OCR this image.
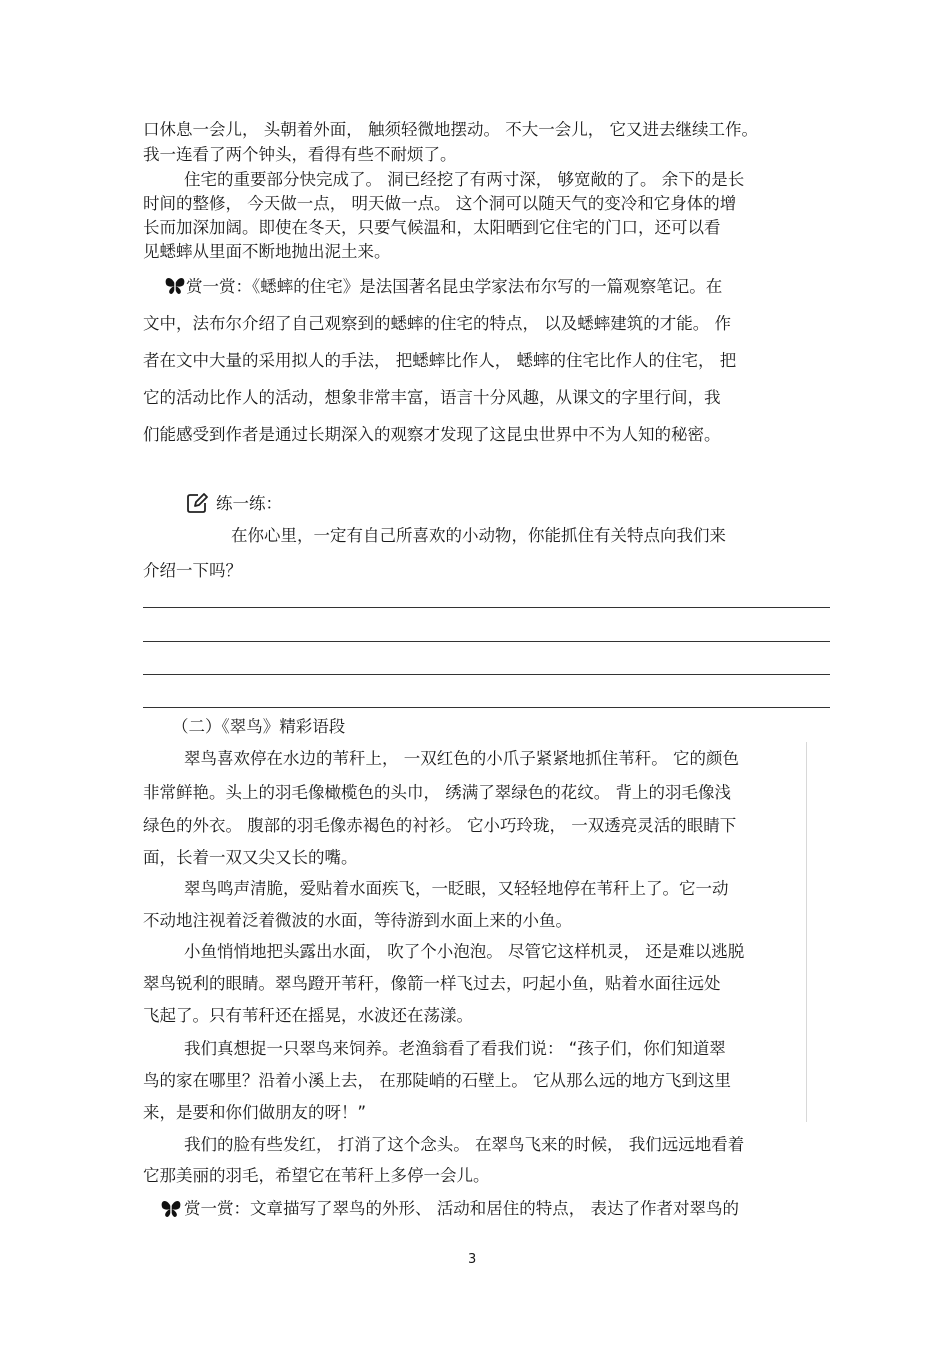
口休息一会儿， 头朝着外面， 触须轻微地摆动。 不大一会儿， 它又进去继续工作。
我一连看了两个钟头，看得有些不耐烦了。
住宅的重要部分快完成了。 洞已经挖了有两寸深， 够宽敞的了。 余下的是长
时间的整修， 今天做一点， 明天做一点。 这个洞可以随天气的变冷和它身体的增
长而加深加阔。即使在冬天，只要气候温和，太阳晒到它住宅的门口，还可以看
见蟋蟀从里面不断地抛出泥土来。
赏一赏：《蟋蟀的住宅》是法国著名昆虫学家法布尔写的一篇观察笔记。在
文中，法布尔介绍了自己观察到的蟋蟀的住宅的特点， 以及蟋蟀建筑的才能。 作
者在文中大量的采用拟人的手法， 把蟋蟀比作人， 蟋蟀的住宅比作人的住宅， 把
它的活动比作人的活动，想象非常丰富，语言十分风趣，从课文的字里行间，我
们能感受到作者是通过长期深入的观察才发现了这昆虫世界中不为人知的秘密。
练一练：
在你心里，一定有自己所喜欢的小动物，你能抓住有关特点向我们来
介绍一下吗？
（二）《翠鸟》精彩语段
翠鸟喜欢停在水边的苇秆上， 一双红色的小爪子紧紧地抓住苇秆。 它的颜色
非常鲜艳。头上的羽毛像橄榄色的头巾， 绣满了翠绿色的花纹。 背上的羽毛像浅
绿色的外衣。 腹部的羽毛像赤褐色的衬衫。 它小巧玲珑， 一双透亮灵活的眼睛下
面，长着一双又尖又长的嘴。
翠鸟鸣声清脆，爱贴着水面疾飞，一眨眼，又轻轻地停在苇秆上了。它一动
不动地注视着泛着微波的水面，等待游到水面上来的小鱼。
小鱼悄悄地把头露出水面， 吹了个小泡泡。 尽管它这样机灵， 还是难以逃脱
翠鸟锐利的眼睛。翠鸟蹬开苇秆，像箭一样飞过去，叼起小鱼，贴着水面往远处
飞起了。只有苇秆还在摇晃，水波还在荡漾。
我们真想捉一只翠鸟来饲养。老渔翁看了看我们说： “孩子们，你们知道翠
鸟的家在哪里？沿着小溪上去， 在那陡峭的石壁上。 它从那么远的地方飞到这里
来，是要和你们做朋友的呀！”
我们的脸有些发红， 打消了这个念头。 在翠鸟飞来的时候， 我们远远地看着
它那美丽的羽毛，希望它在苇秆上多停一会儿。
赏一赏：文章描写了翠鸟的外形、 活动和居住的特点， 表达了作者对翠鸟的
3
